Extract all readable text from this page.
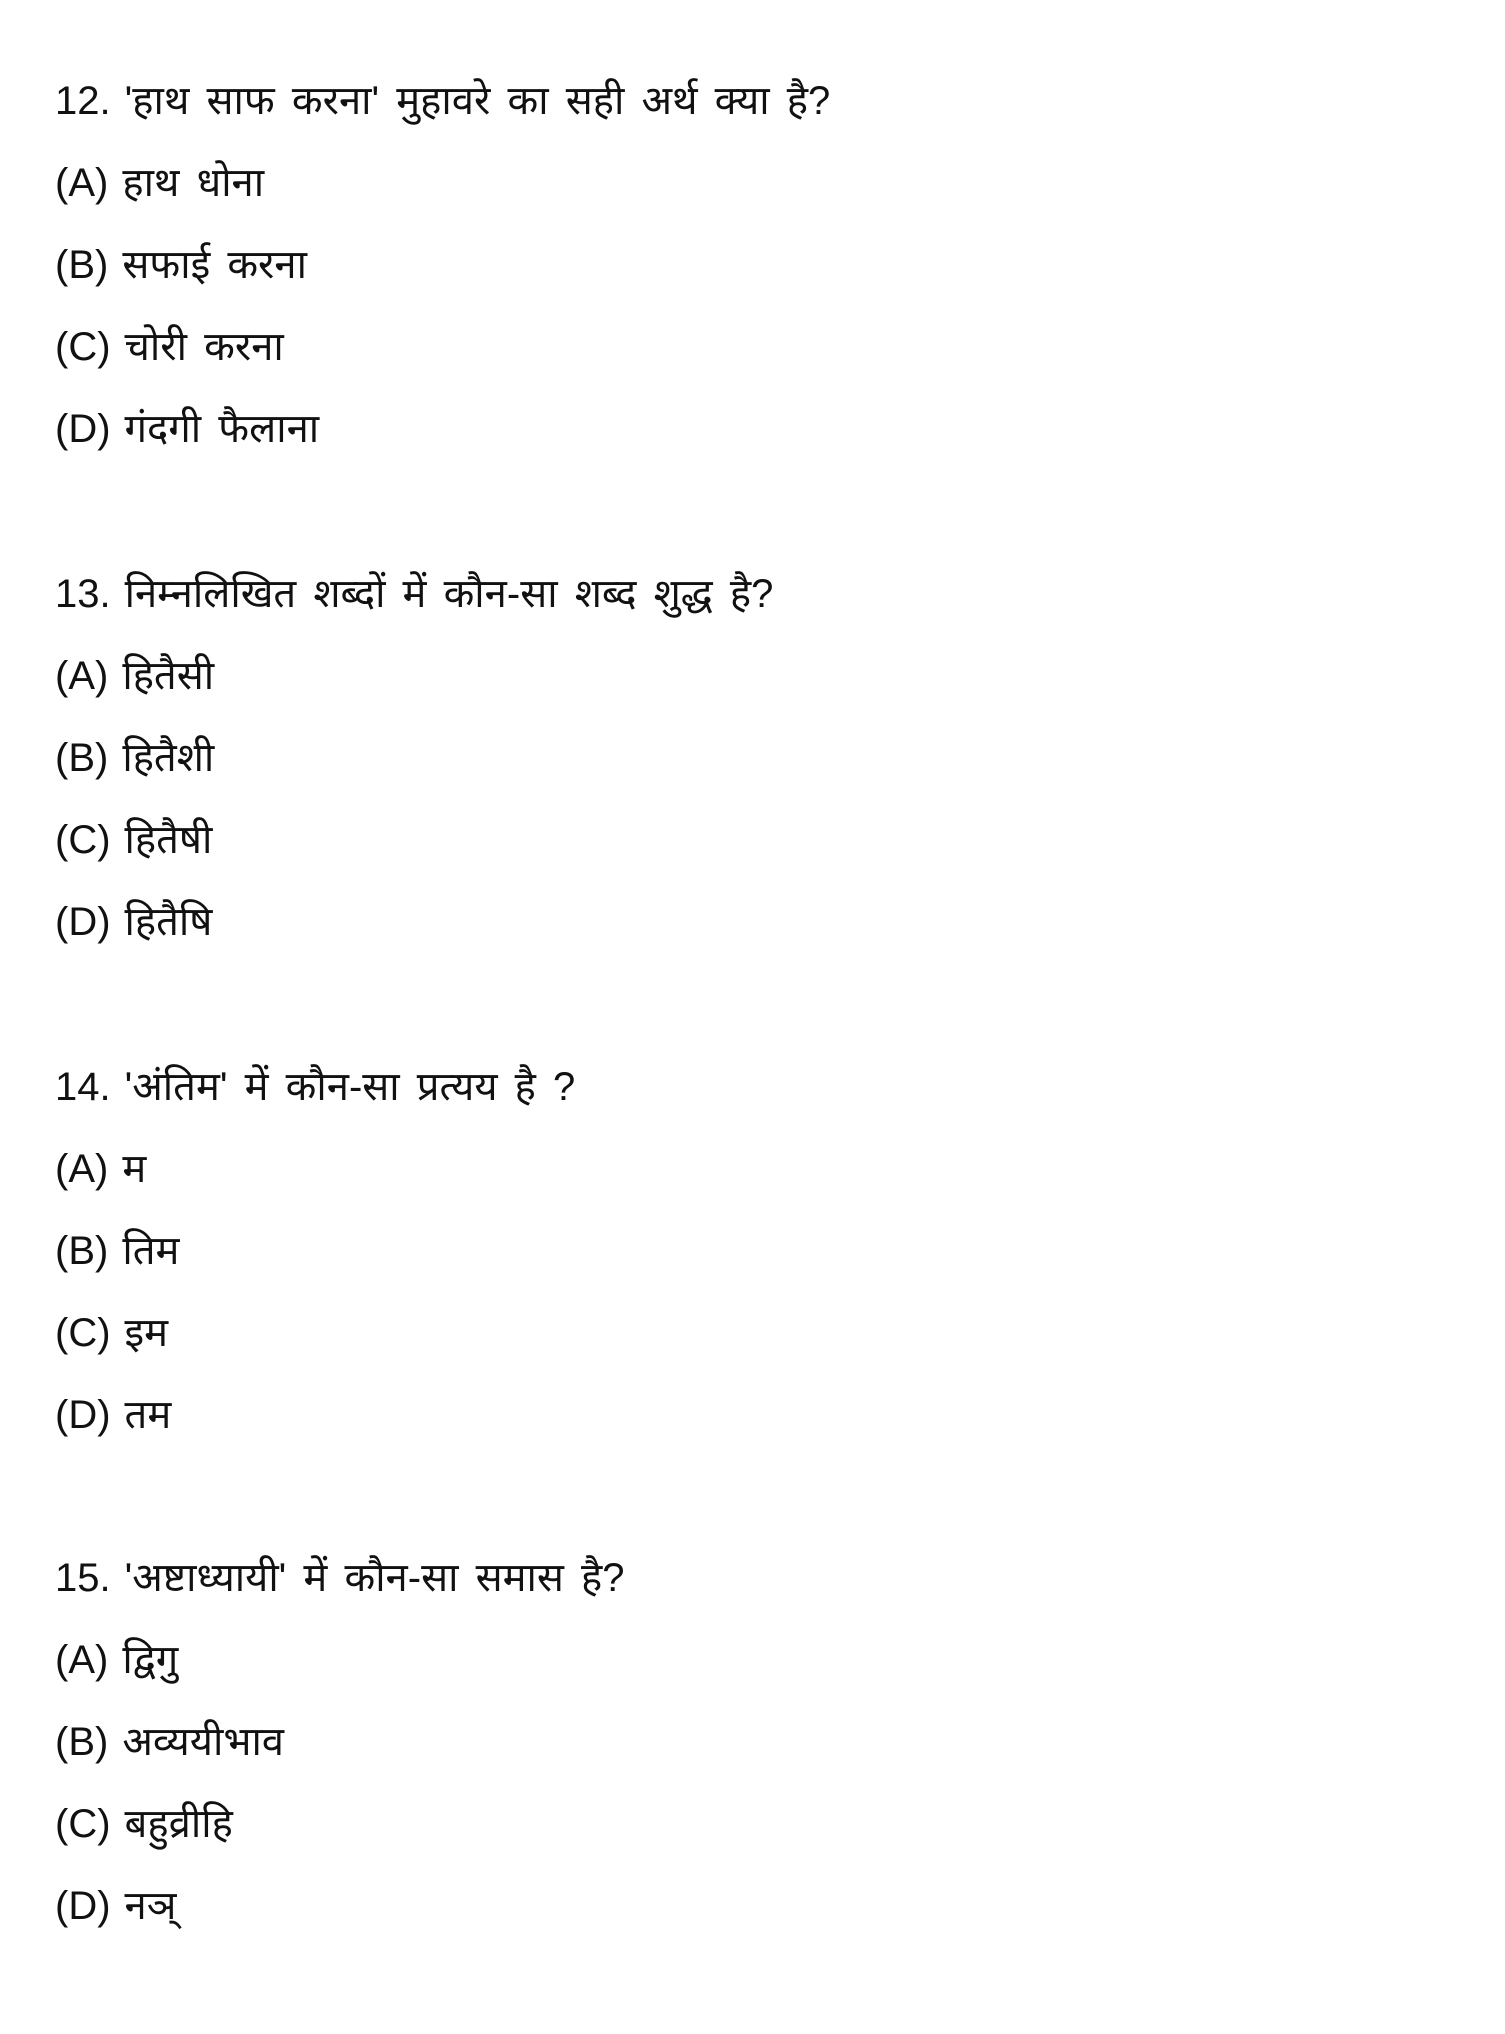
12. 'हाथ साफ करना' मुहावरे का सही अर्थ क्या है?
(A) हाथ धोना
(B) सफाई करना
(C) चोरी करना
(D) गंदगी फैलाना
13. निम्नलिखित शब्दों में कौन-सा शब्द शुद्ध है?
(A) हितैसी
(B) हितैशी
(C) हितैषी
(D) हितैषि
14. 'अंतिम' में कौन-सा प्रत्यय है ?
(A) म
(B) तिम
(C) इम
(D) तम
15. 'अष्टाध्यायी' में कौन-सा समास है?
(A) द्विगु
(B) अव्ययीभाव
(C) बहुव्रीहि
(D) नञ्
